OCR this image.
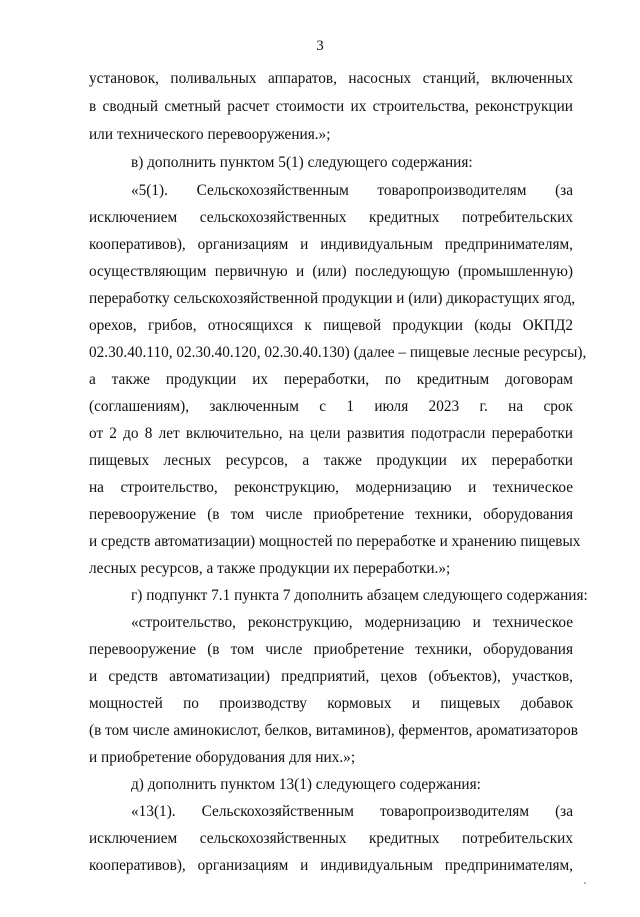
3
установок, поливальных аппаратов, насосных станций, включенных
в сводный сметный расчет стоимости их строительства, реконструкции
или технического перевооружения.»;
в) дополнить пунктом 5(1) следующего содержания:
«5(1). Сельскохозяйственным товаропроизводителям (за
исключением сельскохозяйственных кредитных потребительских
кооперативов), организациям и индивидуальным предпринимателям,
осуществляющим первичную и (или) последующую (промышленную)
переработку сельскохозяйственной продукции и (или) дикорастущих ягод,
орехов, грибов, относящихся к пищевой продукции (коды ОКПД2
02.30.40.110, 02.30.40.120, 02.30.40.130) (далее – пищевые лесные ресурсы),
а также продукции их переработки, по кредитным договорам
(соглашениям), заключенным с 1 июля 2023 г. на срок
от 2 до 8 лет включительно, на цели развития подотрасли переработки
пищевых лесных ресурсов, а также продукции их переработки
на строительство, реконструкцию, модернизацию и техническое
перевооружение (в том числе приобретение техники, оборудования
и средств автоматизации) мощностей по переработке и хранению пищевых
лесных ресурсов, а также продукции их переработки.»;
г) подпункт 7.1 пункта 7 дополнить абзацем следующего содержания:
«строительство, реконструкцию, модернизацию и техническое
перевооружение (в том числе приобретение техники, оборудования
и средств автоматизации) предприятий, цехов (объектов), участков,
мощностей по производству кормовых и пищевых добавок
(в том числе аминокислот, белков, витаминов), ферментов, ароматизаторов
и приобретение оборудования для них.»;
д) дополнить пунктом 13(1) следующего содержания:
«13(1). Сельскохозяйственным товаропроизводителям (за
исключением сельскохозяйственных кредитных потребительских
кооперативов), организациям и индивидуальным предпринимателям,
